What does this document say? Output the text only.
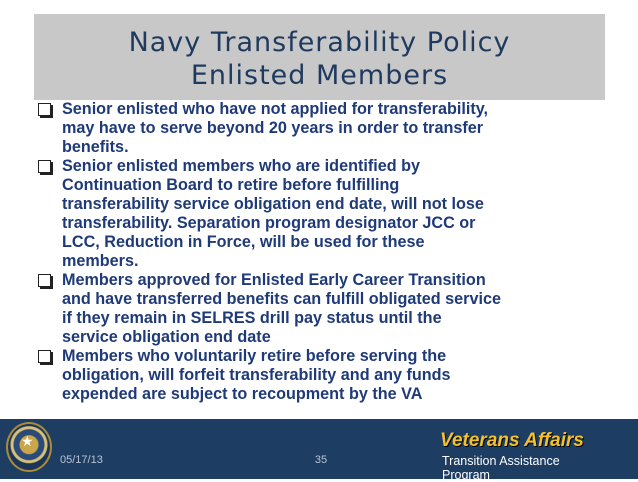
Navy Transferability Policy
Enlisted Members
Senior enlisted who have not applied for transferability,
may have to serve beyond 20 years in order to transfer
benefits.
Senior enlisted members who are identified by
Continuation Board to retire before fulfilling
transferability service obligation end date, will not lose
transferability. Separation program designator JCC or
LCC, Reduction in Force, will be used for these
members.
Members approved for Enlisted Early Career Transition
and have transferred benefits can fulfill obligated service
if they remain in SELRES drill pay status until the
service obligation end date
Members who voluntarily retire before serving the
obligation, will forfeit transferability and any funds
expended are subject to recoupment by the VA
★
05/17/13	35
Veterans Affairs
Transition Assistance Program
